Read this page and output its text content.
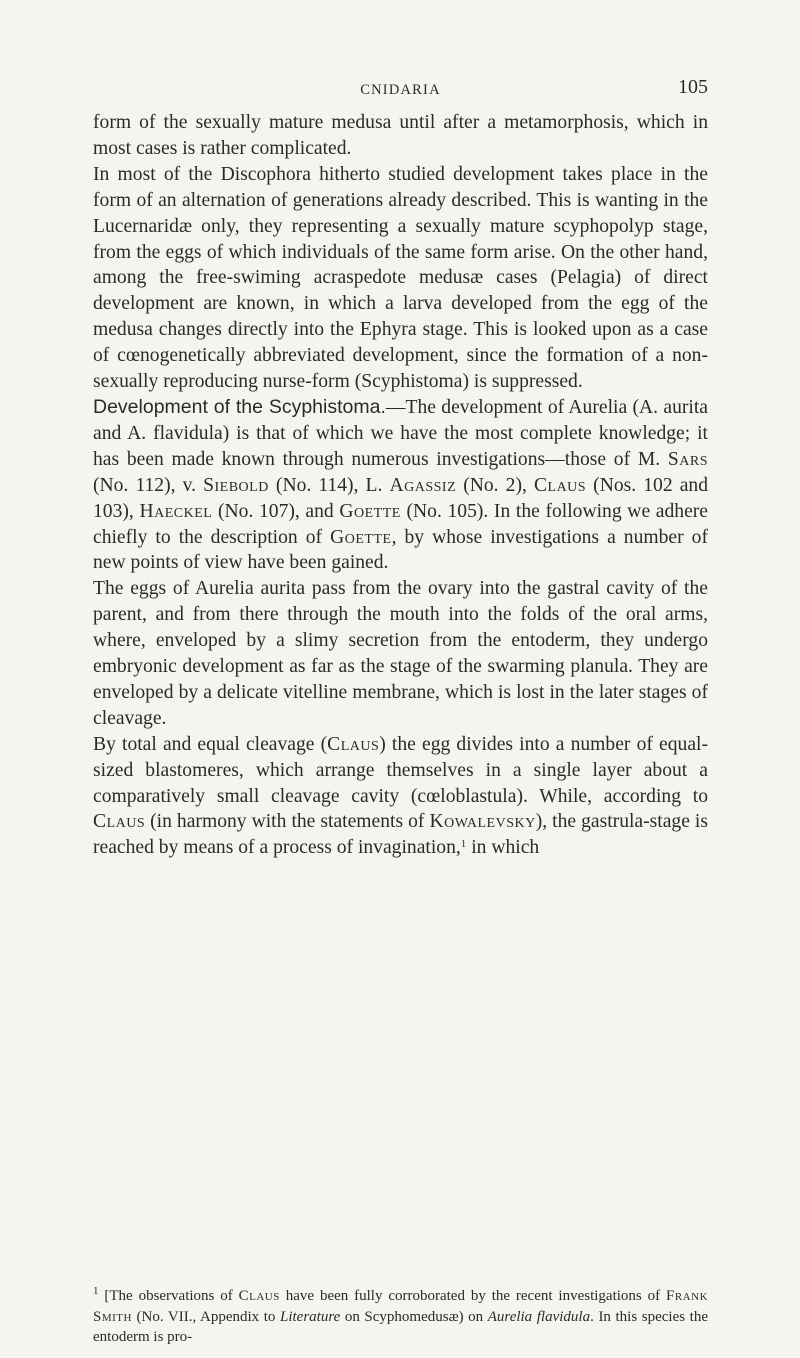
CNIDARIA	105

form of the sexually mature medusa until after a metamorphosis, which in most cases is rather complicated.

In most of the Discophora hitherto studied development takes place in the form of an alternation of generations already described. This is wanting in the Lucernaridæ only, they representing a sexually mature scyphopolyp stage, from the eggs of which individuals of the same form arise. On the other hand, among the free-swiming acraspedote medusæ cases (Pelagia) of direct development are known, in which a larva developed from the egg of the medusa changes directly into the Ephyra stage. This is looked upon as a case of cœnogenetically abbreviated development, since the formation of a non-sexually reproducing nurse-form (Scyphistoma) is suppressed.

Development of the Scyphistoma.—The development of Aurelia (A. aurita and A. flavidula) is that of which we have the most complete knowledge; it has been made known through numerous investigations—those of M. Sars (No. 112), v. Siebold (No. 114), L. Agassiz (No. 2), Claus (Nos. 102 and 103), Haeckel (No. 107), and Goette (No. 105). In the following we adhere chiefly to the description of Goette, by whose investigations a number of new points of view have been gained.

The eggs of Aurelia aurita pass from the ovary into the gastral cavity of the parent, and from there through the mouth into the folds of the oral arms, where, enveloped by a slimy secretion from the entoderm, they undergo embryonic development as far as the stage of the swarming planula. They are enveloped by a delicate vitelline membrane, which is lost in the later stages of cleavage.

By total and equal cleavage (Claus) the egg divides into a number of equal-sized blastomeres, which arrange themselves in a single layer about a comparatively small cleavage cavity (cœloblastula). While, according to Claus (in harmony with the statements of Kowalevsky), the gastrula-stage is reached by means of a process of invagination,$^1$ in which

$^1$ [The observations of Claus have been fully corroborated by the recent investigations of Frank Smith (No. VII., Appendix to Literature on Scyphomedusæ) on Aurelia flavidula. In this species the entoderm is pro-
